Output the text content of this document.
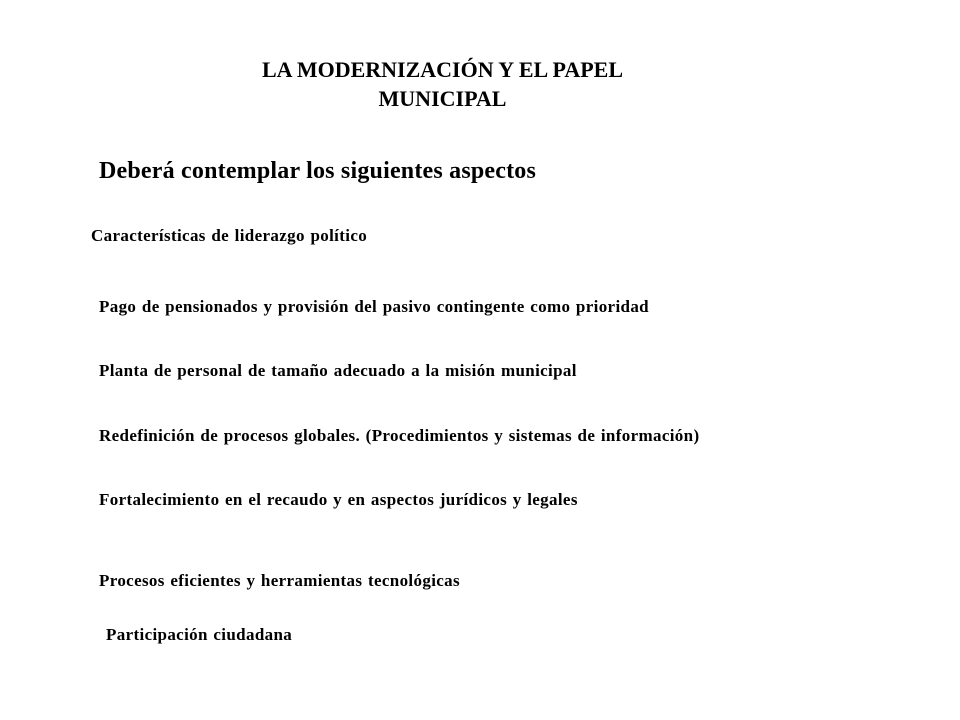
LA MODERNIZACIÓN Y EL PAPEL
MUNICIPAL
Deberá contemplar los siguientes aspectos
Características de liderazgo político
Pago de pensionados y provisión del pasivo contingente como prioridad
Planta de personal de tamaño adecuado a la misión municipal
Redefinición de procesos globales. (Procedimientos y sistemas de información)
Fortalecimiento en el recaudo y en aspectos jurídicos y legales
Procesos eficientes y herramientas tecnológicas
Participación ciudadana
